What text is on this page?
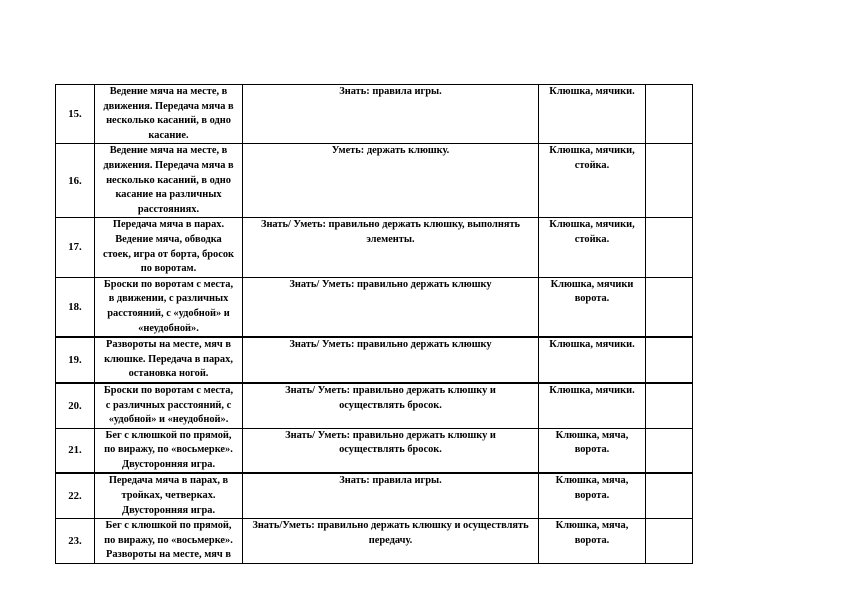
15.	Ведение мяча на месте, в
движения. Передача мяча в
несколько касаний, в одно
касание.	Знать: правила игры.	Клюшка, мячики.	
16.	Ведение мяча на месте, в
движения. Передача мяча в
несколько касаний, в одно
касание на различных
расстояниях.	Уметь: держать клюшку.	Клюшка, мячики,
стойка.	
17.	Передача мяча в парах.
Ведение мяча, обводка
стоек, игра от борта, бросок
по воротам.	Знать/ Уметь: правильно держать клюшку, выполнять
элементы.	Клюшка, мячики,
стойка.	
18.	Броски по воротам с места,
в движении, с различных
расстояний, с «удобной» и
«неудобной».	Знать/ Уметь: правильно держать клюшку	Клюшка, мячики
ворота.	
19.	Развороты на месте, мяч в
клюшке. Передача в парах,
остановка ногой.	Знать/ Уметь: правильно держать клюшку	Клюшка, мячики.	
20.	Броски по воротам с места,
с различных расстояний, с
«удобной» и «неудобной».	Знать/ Уметь: правильно держать клюшку и
осуществлять бросок.	Клюшка, мячики.	
21.	Бег с клюшкой по прямой,
по виражу, по «восьмерке».
Двусторонняя игра.	Знать/ Уметь: правильно держать клюшку и
осуществлять бросок.	Клюшка, мяча,
ворота.	
22.	Передача мяча в парах, в
тройках, четверках.
Двусторонняя игра.	Знать: правила игры.	Клюшка, мяча,
ворота.	
23.	Бег с клюшкой по прямой,
по виражу, по «восьмерке».
Развороты на месте, мяч в	Знать/Уметь: правильно держать клюшку и осуществлять
передачу.	Клюшка, мяча,
ворота.	
